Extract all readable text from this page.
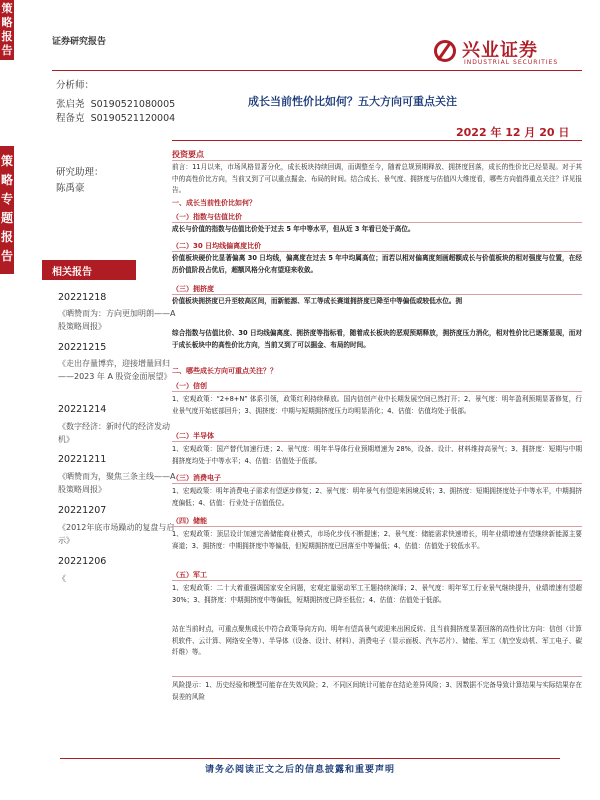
策
略
报
告
策
略
专
题
报
告
证券研究报告	兴业证券
INDUSTRIAL SECURITIES
分析师：
张启尧 S0190521080005
程备克 S0190521120004
研究助理：
陈禹豪
成长当前性价比如何？五大方向可重点关注
2022 年 12 月 20 日
相关报告
20221218
《晒赞而为：方向更加明朗——A股策略周报》
20221215
《走出存量博弈，迎接增量回归——2023 年 A 股资金面展望》
20221214
《数字经济：新时代的经济发动机》
20221211
《晒赞而为，聚焦三条主线——A股策略周报》
20221207
《2012年底市场躁动的复盘与启示》
20221206
《
投资要点
前言：11月以来，市场风格显著分化，成长板块持续回调，而调整至今，随着总规预期释放、拥挤度回落，成长的性价比已经显现。对于其中的高性价比方向，当前又到了可以重点掘金、布局的时间。结合成长、景气度、拥挤度与估值四大维度看，哪些方向值得重点关注？详见报告。
一、成长当前性价比如何？
（一）指数与估值比价
成长与价值的指数与估值比价处于过去 5 年中等水平，但从近 3 年看已处于高位。
（二）30 日均线偏离度比价
价值板块硬价比显著偏离 30 日均线，偏离度在过去 5 年中均属高位；而若以相对偏离度刻画超额成长与价值板块的相对强度与位置，在经历价值阶段占优后，超额风格分化有望迎来收敛。
（三）拥挤度
价值板块拥挤度已升至较高区间，而新能源、军工等成长赛道拥挤度已降至中等偏低或较低水位。拥
综合指数与估值比价、30 日均线偏离度、拥挤度等指标看，随着成长板块的恶观预期释放，拥挤度压力消化，相对性价比已逐渐显现，而对于成长板块中的高性价比方向，当前又到了可以掘金、布局的时间。
二、哪些成长方向可重点关注？？
（一）信创
1、宏观政策：“2+8+N” 体系引领，政策红利持续释放。国内信创产业中长期发展空间已然打开；2、景气度：明年盈利预期显著修复，行业景气度开始底部回升；3、拥挤度：中期与短期拥挤度压力均明显消化；4、估值：估值均处于低部。
（二）半导体
1、宏观政策：国产替代加速行进；2、景气度：明年半导体行业预期增速为 28%，设备、设计、材料维持高景气；3、拥挤度：短期与中期拥挤度均处于中等水平；4、估值：估值处于低部。
（三）消费电子
1、宏观政策：明年消费电子需求有望逐步修复；2、景气度：明年景气有望迎来困境反转；3、拥挤度：短期拥挤度处于中等水平，中期拥挤度偏低；4、估值：行业处于估值低位。
（四）储能
1、宏观政策：顶层设计加速完善储能商业模式，市场化步伐不断提速；2、景气度：储能需求快速增长，明年业绩增速有望继续新能源主要赛道；3、拥挤度：中期拥挤度中等偏低，但短期拥挤度已回落至中等偏低；4、估值：估值处于较低水平。
（五）军工
1、宏观政策：二十大着重强调国家安全问题，宏观定量驱动军工王题持续演绎；2、景气度：明年军工行业景气继续提升，业绩增速有望超 30%；3、拥挤度：中期拥挤度中等偏低，短期拥挤度已降至低位；4、估值：估值处于低部。
站在当前时点，可重点聚焦成长中符合政策导向方向、明年有望高景气或迎来出困反转、且当前拥挤度显著回落的高性价比方向：信创（计算机软件、云计算、网络安全等）、半导体（设备、设计、材料）、消费电子（显示面板、汽车芯片）、储能、军工（航空发动机、军工电子、碳纤维）等。
风险提示：1、历史经验和模型可能存在失效风险；2、不同区间统计可能存在结论差异风险；3、因数据不完备导致计算结果与实际结果存在误差的风险
请务必阅读正文之后的信息披露和重要声明
